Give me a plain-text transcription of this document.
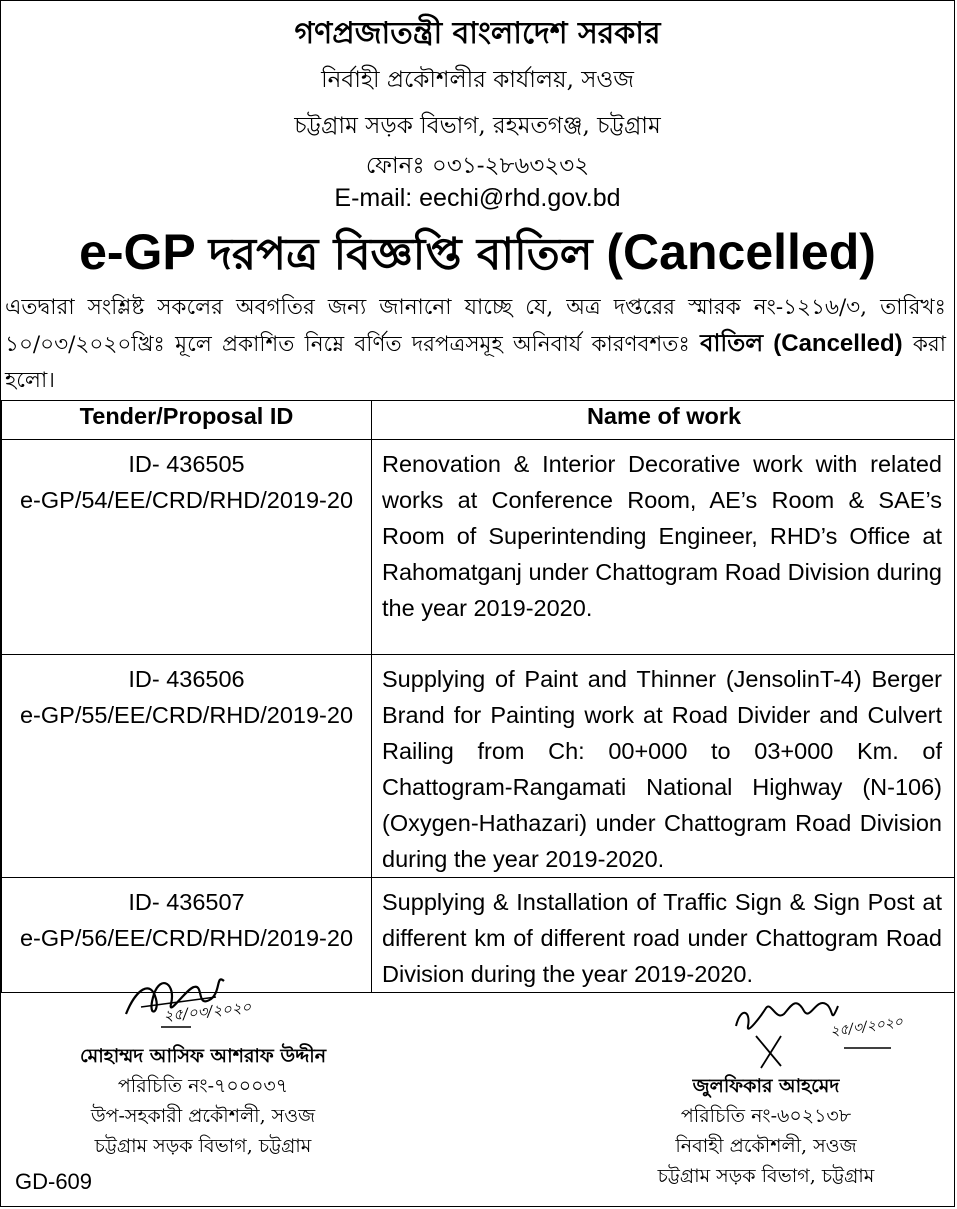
গণপ্রজাতন্ত্রী বাংলাদেশ সরকার
নির্বাহী প্রকৌশলীর কার্যালয়, সওজ
চট্টগ্রাম সড়ক বিভাগ, রহমতগঞ্জ, চট্টগ্রাম
ফোনঃ ০৩১-২৮৬৩২৩২
E-mail: eechi@rhd.gov.bd
e-GP দরপত্র বিজ্ঞপ্তি বাতিল (Cancelled)
এতদ্বারা সংশ্লিষ্ট সকলের অবগতির জন্য জানানো যাচ্ছে যে, অত্র দপ্তরের স্মারক নং-১২১৬/৩, তারিখঃ ১০/০৩/২০২০খ্রিঃ মূলে প্রকাশিত নিম্নে বর্ণিত দরপত্রসমূহ অনিবার্য কারণবশতঃ বাতিল (Cancelled) করা হলো।
Tender/Proposal ID	Name of work

ID- 436505
e-GP/54/EE/CRD/RHD/2019-20	Renovation & Interior Decorative work with related works at Conference Room, AE’s Room & SAE’s Room of Superintending Engineer, RHD’s Office at Rahomatganj under Chattogram Road Division during the year 2019-2020.

ID- 436506
e-GP/55/EE/CRD/RHD/2019-20	Supplying of Paint and Thinner (JensolinT-4) Berger Brand for Painting work at Road Divider and Culvert Railing from Ch: 00+000 to 03+000 Km. of Chattogram-Rangamati National Highway (N-106) (Oxygen-Hathazari) under Chattogram Road Division during the year 2019-2020.

ID- 436507
e-GP/56/EE/CRD/RHD/2019-20	Supplying & Installation of Traffic Sign & Sign Post at different km of different road under Chattogram Road Division during the year 2019-2020.
২৫/০৩/২০২০
২৫/৩/২০২০
মোহাম্মদ আসিফ আশরাফ উদ্দীন
পরিচিতি নং-৭০০০৩৭
উপ-সহকারী প্রকৌশলী, সওজ
চট্টগ্রাম সড়ক বিভাগ, চট্টগ্রাম
জুলফিকার আহমেদ
পরিচিতি নং-৬০২১৩৮
নিবাহী প্রকৌশলী, সওজ
চট্টগ্রাম সড়ক বিভাগ, চট্টগ্রাম
GD-609
